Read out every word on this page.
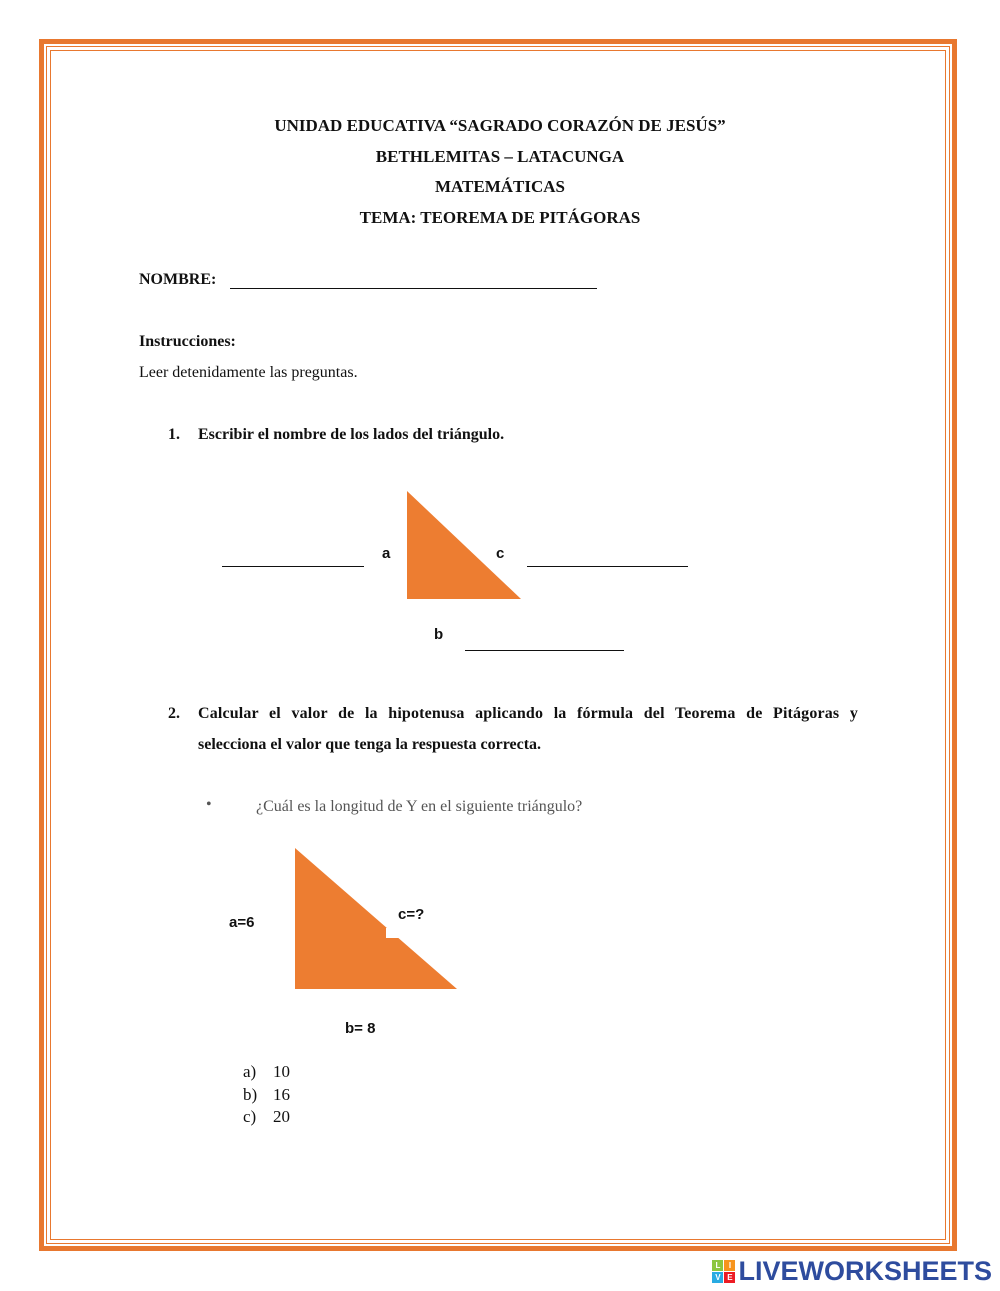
UNIDAD EDUCATIVA “SAGRADO CORAZÓN DE JESÚS”
BETHLEMITAS – LATACUNGA
MATEMÁTICAS
TEMA: TEOREMA DE PITÁGORAS
NOMBRE:
Instrucciones:
Leer detenidamente las preguntas.
1. Escribir el nombre de los lados del triángulo.
a	c
b
2. Calcular el valor de la hipotenusa aplicando la fórmula del Teorema de Pitágoras y
selecciona el valor que tenga la respuesta correcta.
•	¿Cuál es la longitud de Y en el siguiente triángulo?
a=6	c=?
b= 8
a) 10
b) 16
c) 20
L	I
V E LIVEWORKSHEETS
